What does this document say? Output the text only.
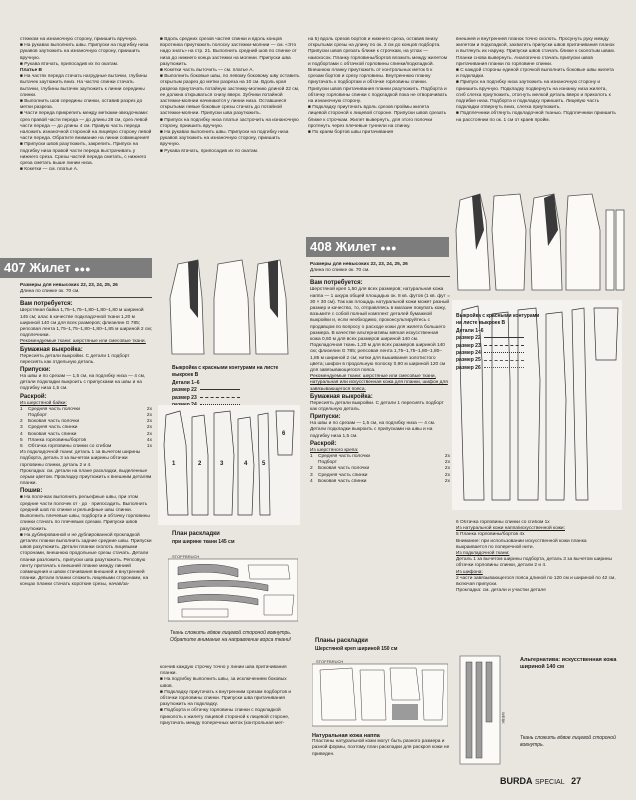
стежком на изнаночную сторону, приишить вручную.

■ На рукавах выполнить швы. Припуски на подгибку низа рукавов заутюжить на изнаночную сторону, приишить вручную.

■ Рукава втачать, припосадив их по окатам.

Платье В

■ На частях переда стачать нагрудные вытачки, глубины вытачек заутюжить вниз. На частях спинки стачать вытачки, глубины вытачек заутюжить к линии середины спинки.

■ Выполнить шов середины спинки, оставив разрез до метки разреза.

■ Части переда прикрепить между метками-звездочками: срез правой части переда — до длины 28 см, срез левой части переда — до длины 4 см. Правую часть переда наложить изнаночной стороной на лицевую сторону левой части переда. Обратите внимание на линии совмещения!

■ Припуски швов разутюжить, закрепить. Припуск на подгибку низа правой части переда выстрачивать у нижнего среза. Срезы частей переда сметать, с нижнего среза сметать выше линии низа.

■ Кокетки — см. платье А.

■ Вдоль средних срезов частей спинки и вдоль концов воротника приутюжить полоску застежки-молнии — см. «Это надо знать» на стр. 21. Выполнить средний шов по спинке от низа до нижнего конца застежки на молнии. Припуски шва разутюжить.

■ Кокетки часть выточить — см. платье А.

■ Выполнить боковые швы, по левому боковому шву оставить открытым разрез до метки разреза на 10 см. Вдоль края разреза приутачать потайную застежку-молнию длиной 22 см, ее должна открываться снизу вверх. Зубчики потайной застежки-молнии начинаются у линии низа. Оставшиеся открытыми левые боковые срезы стачать до потайной застежки-молнии. Припуски шва разутюжить.

■ Припуск на подгибку низа платье застрочить на изнаночную сторону, приишить вручную.

■ На рукавах выполнить швы. Припуски на подгибку низа рукавов заутюжить на изнаночную сторону, приишить вручную.

■ Рукава втачать, припосадив их по окатам.

на 5) вдоль срезов бортов и нижнего среза, оставив внизу открытыми срезы на длину по ок. 3 см до концов подборта. Припуски швов срезать ближе к строчкам, на углах — наискосок. Планку горловины/бортов вложить между жилетом и подбортами с обтачкой горловины спинки/подкладкой.

Внешнюю планку приутюжить от контрольных меток 5 к срезам бортов и срезу горловины. Внутреннюю планку приутачать к подбортам и обтачке горловины спинки. Припуски швов притачивания планки разутюжить. Подборта и обтачку горловины спинки с подкладкой пока не отворачивать на изнаночную сторону.

■ Подкладку приутачать вдоль срезов проймы жилета лицевой стороной к лицевой стороне. Припуски швов срезать ближе к строчкам. Жилет вывернуть, для этого полочки протянуть через плечевые туннели на спинку.

■ По краям бортов швы притачивания

внешней и внутренней планок точно сколоть. Просунуть руку между жилетом и подкладкой, захватить припуски швов притачивания планок и вытянуть их наружу. Припуски швов стачать ближе к сколотым швам. Планки снова вывернуть. Аналогично стачать припуски швов притачивания планки по горловине спинки.

■ С каждой стороны единой строчкой выполнить боковые швы жилета и подкладки.

■ Припуск на подгибку низа заутюжить на изнаночную сторону и приишить вручную. Подкладку подвернуть на изнанку низа жилета, сгиб слегка приутюжить, отогнуть мелкой деталь вверх и приколоть к подгибке низа. Подборта и подкладку приишить. Лицевую часть подкладки отвернуть вниз, слегка приутюжить.

■ Подплечники обтянуть подкладочной тканью. Подплечники приишить на расстоянии по ок. 1 см от краев пройм.

407 Жилет ●●●

Размеры для невысоких 22, 23, 24, 25, 26

Длина по спинке ок. 70 см.

Вам потребуется:

Шерстяная байка 1,75–1,75–1,80–1,80–1,80 м шириной 145 см; алас в качестве подкладочной ткани 1,20 м шириной 140 см для всех размеров; флизелин G 785; репсовая лента 1,75–1,75–1,80–1,80–1,85 м шириной 2 см; подплечники.

Рекомендуемые ткани: шерстяные или смесовые ткани.

Бумажная выкройка:

Пересиять детали выкройки. С детали 1 подборт пересиять как отдельную деталь.

Припуски:

На швы и по срезам — 1,5 см, на подгибку низа — 4 см, детали подкладки выкроить с припусками на швы и на подгибку низа 1,5 см.

Раскрой:

Из шерстяной байки:

1	Средняя часть полочки	2x
Подборт	2x
2	Боковая часть полочки	2x
3	Средняя часть спинки	2x
4	Боковая часть спинки	2x
5	Планка горловины/бортов	4x
6	Обтачка горловины спинки со сгибом	1x

Из подкладочной ткани: деталь 1 за вычетом ширины подборта, деталь 3 за вычетом ширины обтачки горловины спинки, деталь 2 и 4.

Прокладка: см. детали на плане раскладки, выделенные серым цветом. Прокладку приутюжить к внешним деталям планки.

Пошив:

■ На полочках выполнить рельефные швы, при этом средние части полочек от · до · припосадить. Выполнить средний шов по спинке и рельефные швы спинки. Выполнить плечевые швы, подборта и обтачку горловины спинки стачать по плечевым срезам. Припуски швов разутюжить.

■ На дублированной и не дублированной прокладкой деталях планки выполнить задние средние швы. Припуски швов разутюжить. Детали планки сколоть лицевыми сторонами, внешнюю продольные срезы стачать. Детали планки разложить, припуски шва разутюжить. Репсовую ленту притачать к внешней планке между линией совмещения и швом стачивания внешней и внутренней планки. Детали планки сложить лицевыми сторонами, на концах планки стачать короткие срезы, начав/за-

Выкройка с красными контурами на листе выкроек В
Детали 1–6
размер 22
размер 23
размер 24
размер 25
размер 26
1	2	3	4 5
6

План раскладки

при ширине ткани 145 см

STOFFBRUCH
Ткань сложить вдвое лицевой стороной вовнутрь. Обратите внимание на направление ворса ткани!

кончив каждую строчку точно у линии шва притачивания планки.

■ На подгибку выполнить швы, за исключением боковых швов.

■ Подкладку приутачать к внутренним срезам подбортов и обтачки горловины спинки. Припуски шва притачивания разутюжить на подкладку.

■ Подборта и обтачку горловины спинки с подкладкой приколоть к жилету лицевой стороной к лицевой стороне, приутачать между поперечных меток (контрольная мет-

408 Жилет ●●●

Размеры для невысоких 22, 23, 24, 25, 26

Длина по спинке ок. 70 см.

Вам потребуется:

Шерстяной креп 1,50 для всех размеров; натуральная кожа наппа — 1 шкура общей площадью ок. 8 кв. футов (1 кв. фут = 30 × 30 см). Так как площадь натуральной кожи может разный размер и качество, то, отправляясь в магазин покупать кожу, возьмите с собой полный комплект деталей бумажной выкройки и, если необходимо, проконсультируйтесь с продавцом по вопросу о расходе кожи для жилета большего размера. В качестве альтернативы мягкая искусственная кожа 0,60 м для всех размеров шириной 140 см. Подкладочная ткань 1,20 м для всех размеров шириной 140 см; флизелин G 785; репсовая лента 1,75–1,75–1,80–1,80–1,85 м шириной 2 см; нитки для вышивания золотистого цвета; шифон в продольную полоску 0,90 м шириной 120 см для завязывающегося пояса.

Рекомендуемые ткани: шерстяные или смесовые ткани, натуральная или искусственная кожа для планки, шифон для завязывающегося пояса.

Бумажная выкройка:

Пересиять детали выкройки. С детали 1 пересиять подборт как отдельную деталь.

Припуски:

На швы и по срезам — 1,5 см, на подгибку низа — 4 см. Детали подкладки выкроить с припусками на швы и на подгибку низа 1,5 см.

Раскрой:

Из шерстяного крепа:

1	Средняя часть полочки	2x
Подборт	2x
2	Боковая часть полочки	2x
3	Средняя часть спинки	2x
4	Боковая часть спинки	2x

Планы раскладки

Шерстяной креп шириной 150 см

STOFFBRUCH

Натуральная кожа наппа

Пластины натуральной кожи могут быть разного размера и разной формы, поэтому план раскладки для раскроя кожи не приведен.

Выкройка с красными контурами на листе выкроек В
Детали 1–6
размер 22
размер 23
размер 24
размер 25
размер 26

6 Обтачка горловины спинки со сгибом 1x

Из натуральной кожи наппа/искусственной кожи:

5 Планка горловины/бортов 4x

Внимание: при использовании искусственной кожи планка выкраивается по поперечной нити.

Из подкладочной ткани:

Деталь 1 за вычетом ширины подборта, деталь 3 за вычетом ширины обтачки горловины спинки, детали 2 и 4.

Из шифона:

2 части завязывающегося пояса длиной по 120 см и шириной по 42 см, включая припуски.

Прокладка: см. детали и участки детале

WEBK

Альтернатива: искусственная кожа шириной 140 см

Ткань сложить вдвое лицевой стороной вовнутрь.
BURDA SPECIAL 27
